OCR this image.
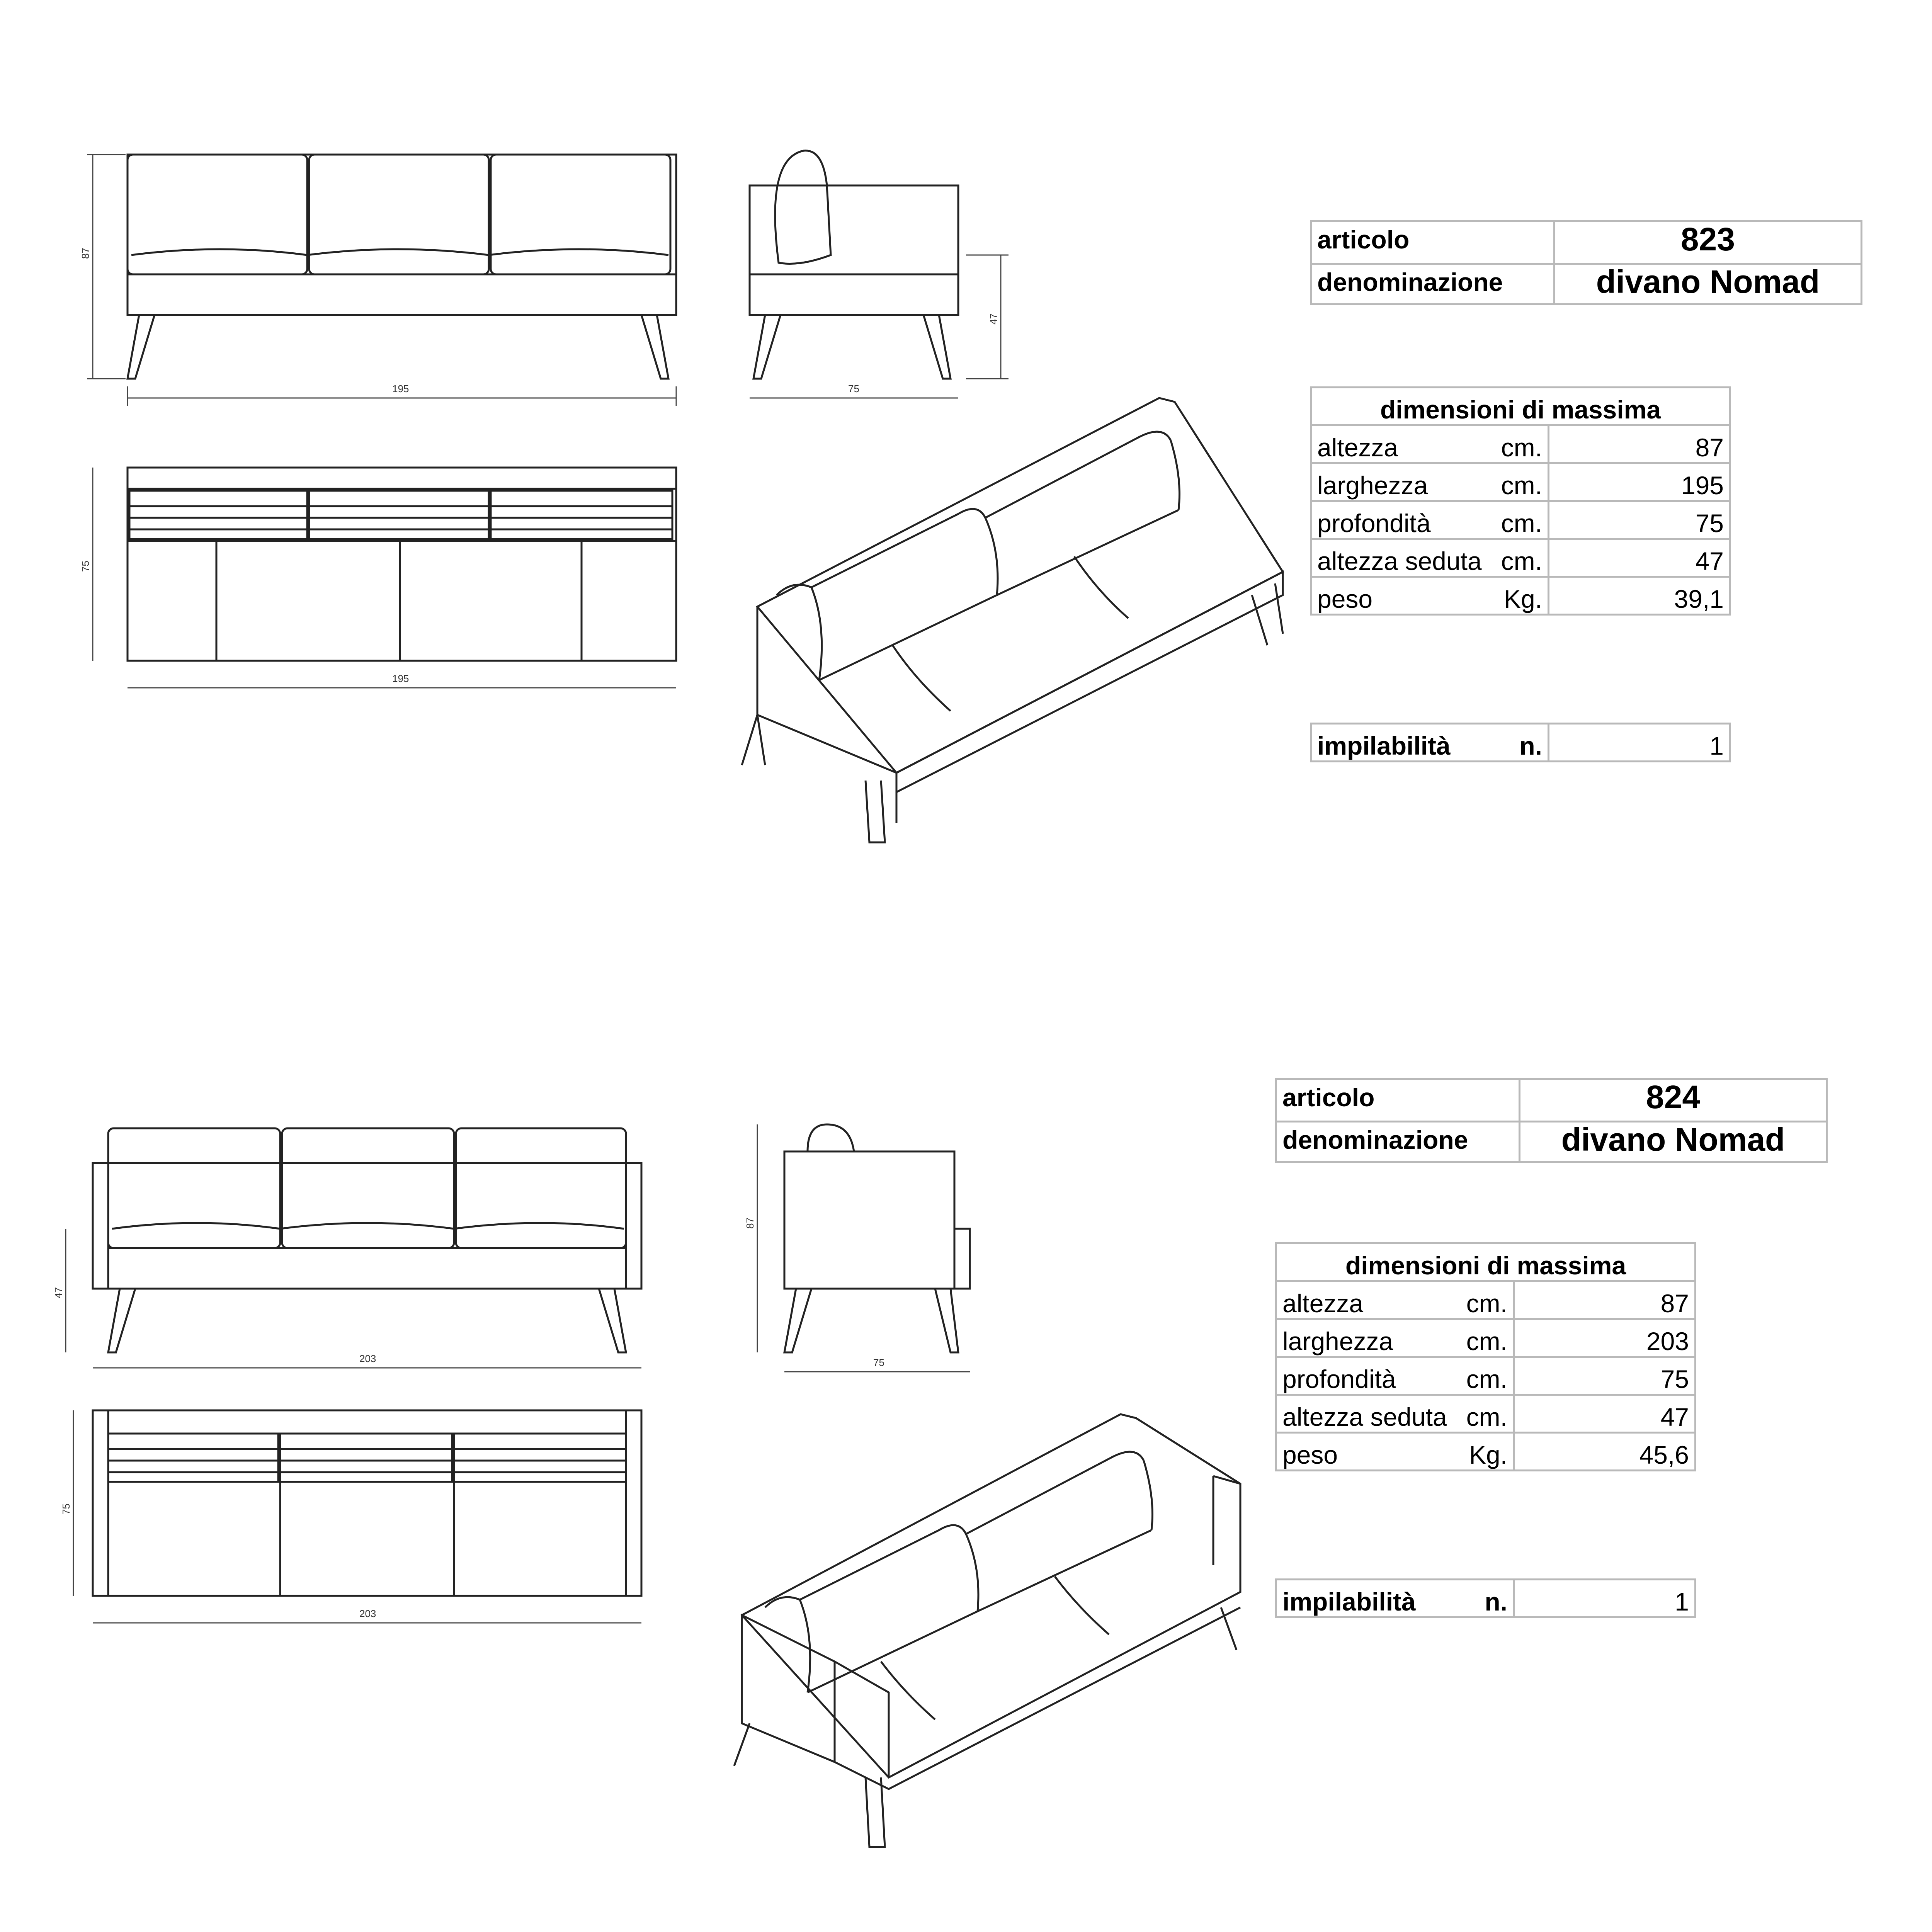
87
195
47
75
75
195
articolo	823
denominazione	divano Nomad
dimensioni di massima		
altezza	cm.	87
larghezza	cm.	195
profondità	cm.	75
altezza seduta	cm.	47
peso	Kg.	39,1
impilabilità	n.	1
47
203
87
75
75
203
articolo	824
denominazione	divano Nomad
dimensioni di massima		
altezza	cm.	87
larghezza	cm.	203
profondità	cm.	75
altezza seduta	cm.	47
peso	Kg.	45,6
impilabilità	n.	1
